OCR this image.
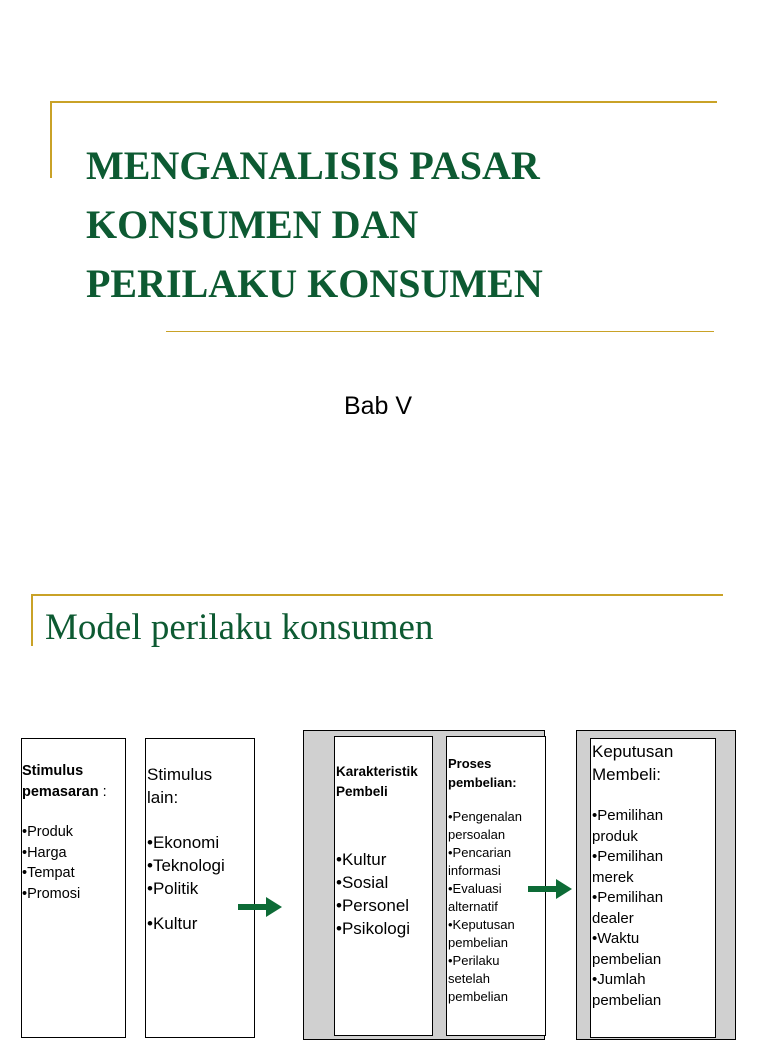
MENGANALISIS PASAR
KONSUMEN DAN
PERILAKU KONSUMEN
Bab V
Model perilaku konsumen
Stimulus
pemasaran :
•Produk
•Harga
•Tempat
•Promosi
Stimulus
lain:
•Ekonomi
•Teknologi
•Politik
•Kultur
Karakteristik
Pembeli
•Kultur
•Sosial
•Personel
•Psikologi
Proses
pembelian:
•Pengenalan
persoalan
•Pencarian
informasi
•Evaluasi
alternatif
•Keputusan
pembelian
•Perilaku
setelah
pembelian
Keputusan
Membeli:
•Pemilihan
produk
•Pemilihan
merek
•Pemilihan
dealer
•Waktu
pembelian
•Jumlah
pembelian
